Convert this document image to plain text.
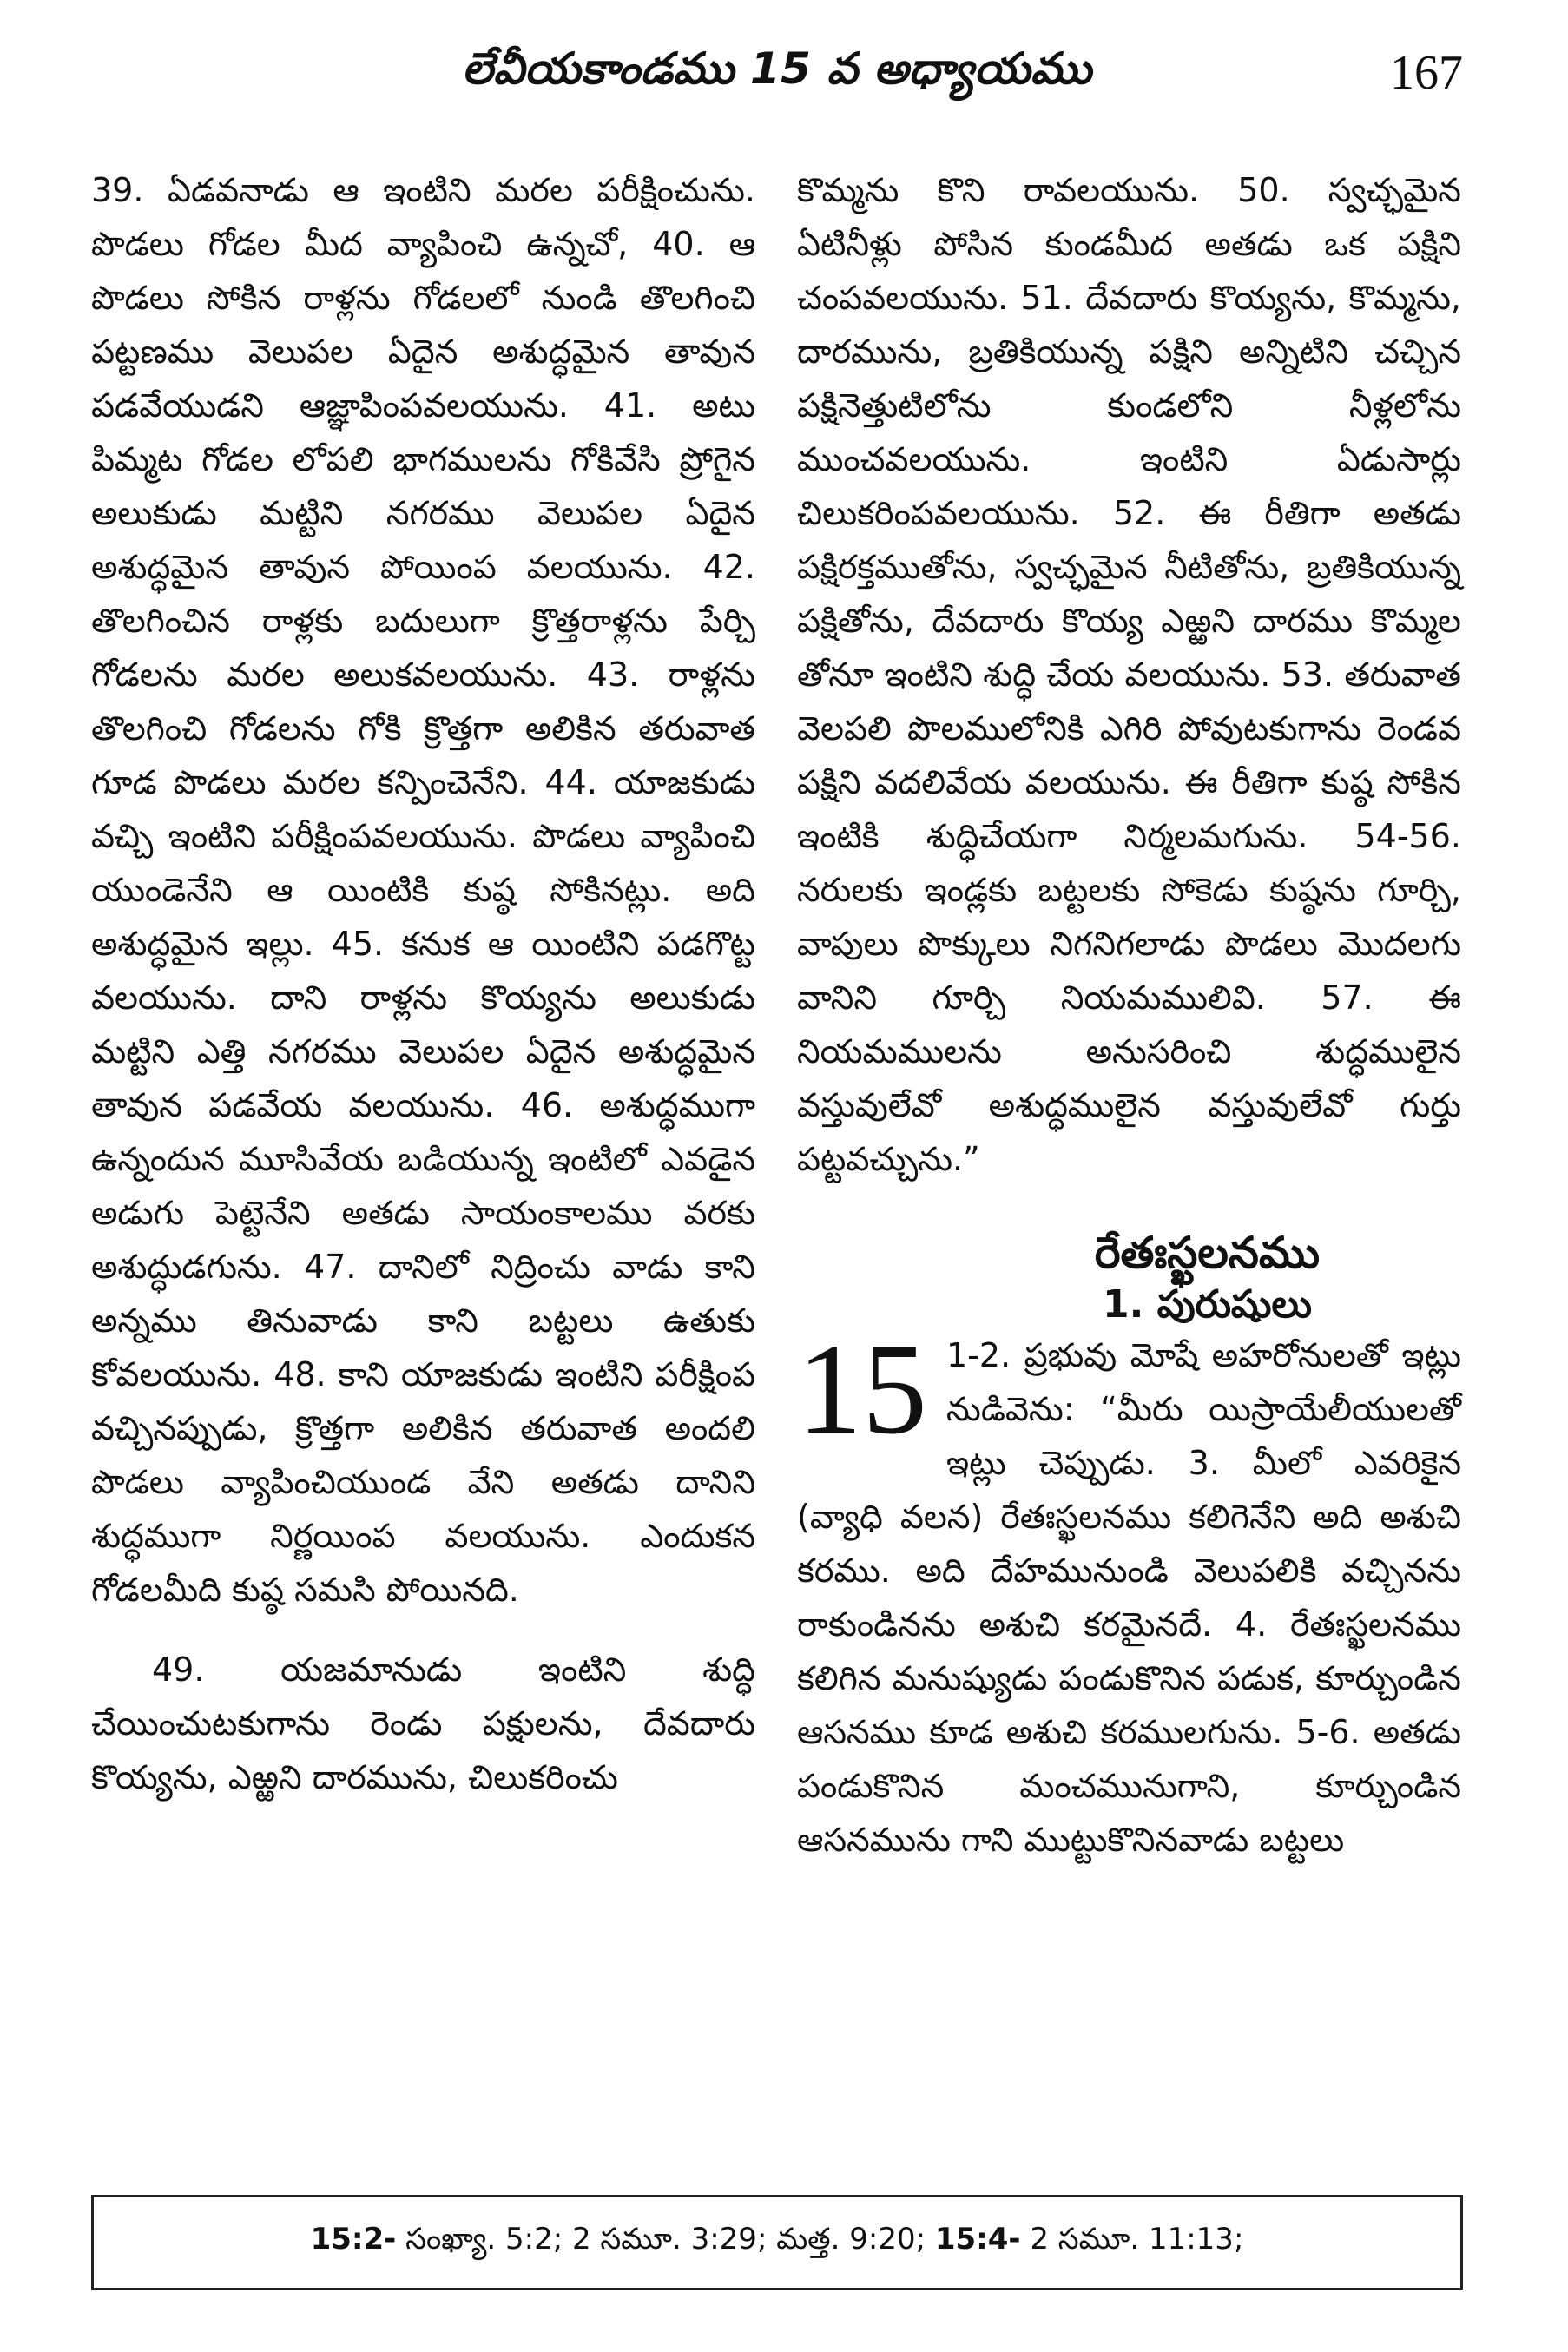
లేవీయకాండము 15 వ అధ్యాయము	167

39. ఏడవనాడు ఆ ఇంటిని మరల పరీక్షించును. పొడలు గోడల మీద వ్యాపించి ఉన్నచో, 40. ఆ పొడలు సోకిన రాళ్లను గోడలలో నుండి తొలగించి పట్టణము వెలుపల ఏదైన అశుద్ధమైన తావున పడవేయుడని ఆజ్ఞాపింపవలయును. 41. అటు పిమ్మట గోడల లోపలి భాగములను గోకివేసి ప్రోగైన అలుకుడు మట్టిని నగరము వెలుపల ఏదైన అశుద్ధమైన తావున పోయింప వలయును. 42. తొలగించిన రాళ్లకు బదులుగా క్రొత్తరాళ్లను పేర్చి గోడలను మరల అలుకవలయును. 43. రాళ్లను తొలగించి గోడలను గోకి క్రొత్తగా అలికిన తరువాత గూడ పొడలు మరల కన్పించెనేని. 44. యాజకుడు వచ్చి ఇంటిని పరీక్షింపవలయును. పొడలు వ్యాపించి యుండెనేని ఆ యింటికి కుష్ఠ సోకినట్లు. అది అశుద్ధమైన ఇల్లు. 45. కనుక ఆ యింటిని పడగొట్ట వలయును. దాని రాళ్లను కొయ్యను అలుకుడు మట్టిని ఎత్తి నగరము వెలుపల ఏదైన అశుద్ధమైన తావున పడవేయ వలయును. 46. అశుద్ధముగా ఉన్నందున మూసివేయ బడియున్న ఇంటిలో ఎవడైన అడుగు పెట్టెనేని అతడు సాయంకాలము వరకు అశుద్ధుడగును. 47. దానిలో నిద్రించు వాడు కాని అన్నము తినువాడు కాని బట్టలు ఉతుకు కోవలయును. 48. కాని యాజకుడు ఇంటిని పరీక్షింప వచ్చినప్పుడు, క్రొత్తగా అలికిన తరువాత అందలి పొడలు వ్యాపించియుండ వేని అతడు దానిని శుద్ధముగా నిర్ణయింప వలయును. ఎందుకన గోడలమీది కుష్ఠ సమసి పోయినది.

49. యజమానుడు ఇంటిని శుద్ధి చేయించుటకుగాను రెండు పక్షులను, దేవదారు కొయ్యను, ఎఱ్ఱని దారమును, చిలుకరించు

కొమ్మను కొని రావలయును. 50. స్వచ్ఛమైన ఏటినీళ్లు పోసిన కుండమీద అతడు ఒక పక్షిని చంపవలయును. 51. దేవదారు కొయ్యను, కొమ్మను, దారమును, బ్రతికియున్న పక్షిని అన్నిటిని చచ్చిన పక్షినెత్తుటిలోను కుండలోని నీళ్లలోను ముంచవలయును. ఇంటిని ఏడుసార్లు చిలుకరింపవలయును. 52. ఈ రీతిగా అతడు పక్షిరక్తముతోను, స్వచ్ఛమైన నీటితోను, బ్రతికియున్న పక్షితోను, దేవదారు కొయ్య ఎఱ్ఱని దారము కొమ్మల తోనూ ఇంటిని శుద్ధి చేయ వలయును. 53. తరువాత వెలపలి పొలములోనికి ఎగిరి పోవుటకుగాను రెండవ పక్షిని వదలివేయ వలయును. ఈ రీతిగా కుష్ఠ సోకిన ఇంటికి శుద్ధిచేయగా నిర్మలమగును. 54-56. నరులకు ఇండ్లకు బట్టలకు సోకెడు కుష్ఠను గూర్చి, వాపులు పొక్కులు నిగనిగలాడు పొడలు మొదలగు వానిని గూర్చి నియమములివి. 57. ఈ నియమములను అనుసరించి శుద్ధములైన వస్తువులేవో అశుద్ధములైన వస్తువులేవో గుర్తు పట్టవచ్చును.”

రేతఃస్ఖలనము
1. పురుషులు
15 1-2. ప్రభువు మోషే అహరోనులతో ఇట్లు నుడివెను: “మీరు యిస్రాయేలీయులతో ఇట్లు చెప్పుడు. 3. మీలో ఎవరికైన (వ్యాధి వలన) రేతఃస్ఖలనము కలిగెనేని అది అశుచి కరము. అది దేహమునుండి వెలుపలికి వచ్చినను రాకుండినను అశుచి కరమైనదే. 4. రేతఃస్ఖలనము కలిగిన మనుష్యుడు పండుకొనిన పడుక, కూర్చుండిన ఆసనము కూడ అశుచి కరములగును. 5-6. అతడు పండుకొనిన మంచమునుగాని, కూర్చుండిన ఆసనమును గాని ముట్టుకొనినవాడు బట్టలు
15:2- సంఖ్యా. 5:2; 2 సమూ. 3:29; మత్త. 9:20; 15:4- 2 సమూ. 11:13;
